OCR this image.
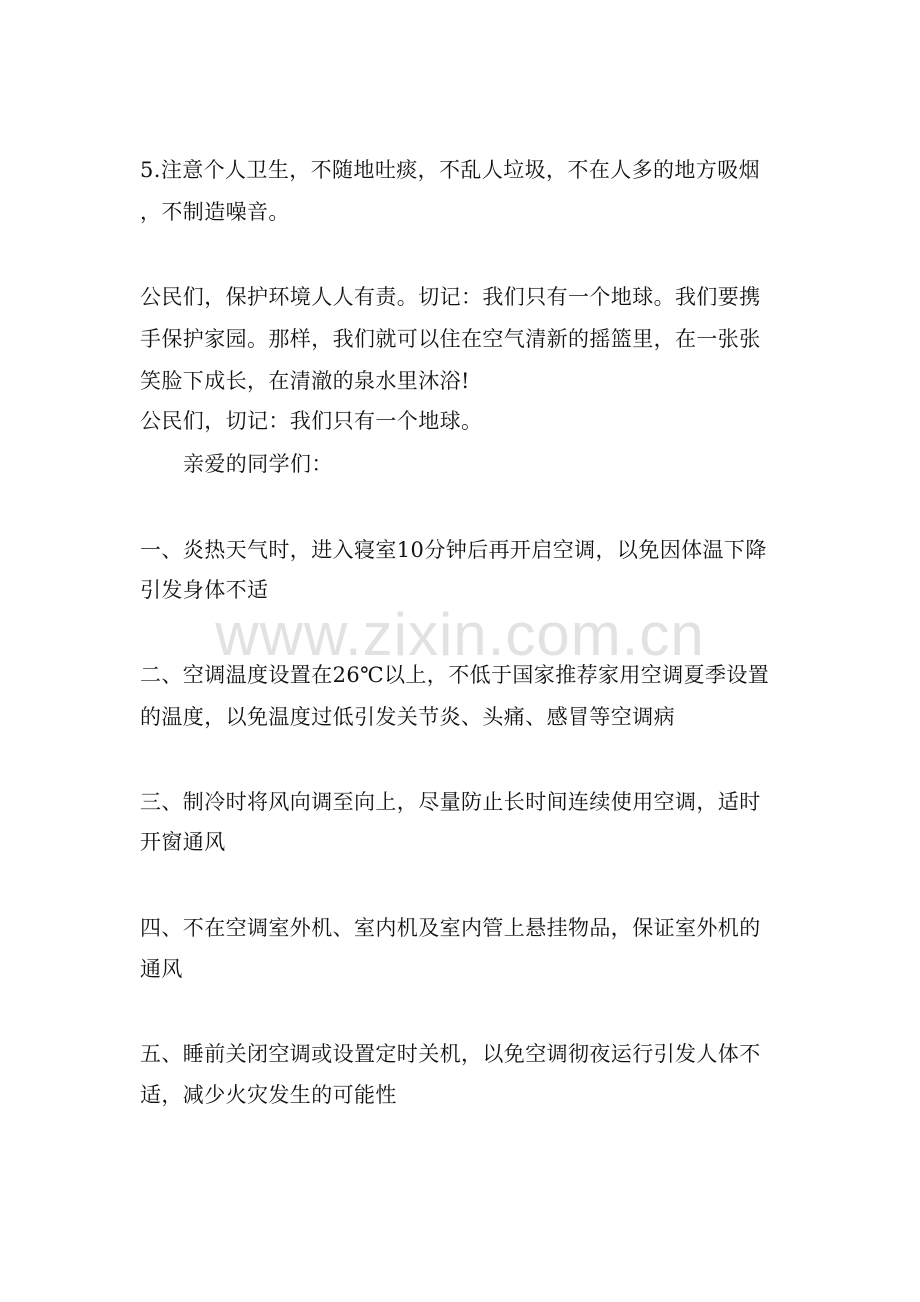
5.注意个人卫生，不随地吐痰，不乱人垃圾，不在人多的地方吸烟
，不制造噪音。
公民们，保护环境人人有责。切记：我们只有一个地球。我们要携
手保护家园。那样，我们就可以住在空气清新的摇篮里，在一张张
笑脸下成长，在清澈的泉水里沐浴!
公民们，切记：我们只有一个地球。
亲爱的同学们：
一、炎热天气时，进入寝室10分钟后再开启空调，以免因体温下降
引发身体不适
二、空调温度设置在26℃以上，不低于国家推荐家用空调夏季设置
的温度，以免温度过低引发关节炎、头痛、感冒等空调病
三、制冷时将风向调至向上，尽量防止长时间连续使用空调，适时
开窗通风
四、不在空调室外机、室内机及室内管上悬挂物品，保证室外机的
通风
五、睡前关闭空调或设置定时关机，以免空调彻夜运行引发人体不
适，减少火灾发生的可能性
www.zixin.com.cn
